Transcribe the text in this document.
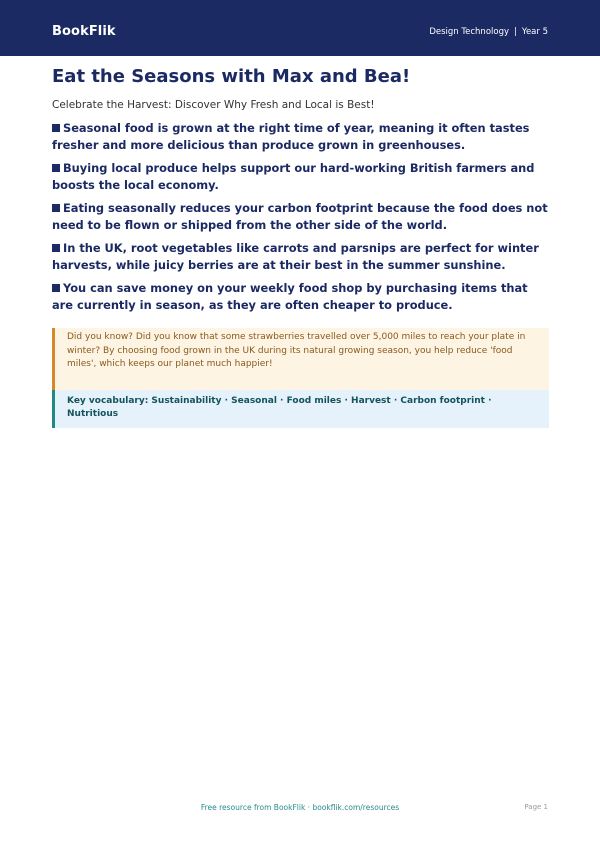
BookFlik	Design Technology | Year 5
Eat the Seasons with Max and Bea!
Celebrate the Harvest: Discover Why Fresh and Local is Best!
Seasonal food is grown at the right time of year, meaning it often tastes fresher and more delicious than produce grown in greenhouses.
Buying local produce helps support our hard-working British farmers and boosts the local economy.
Eating seasonally reduces your carbon footprint because the food does not need to be flown or shipped from the other side of the world.
In the UK, root vegetables like carrots and parsnips are perfect for winter harvests, while juicy berries are at their best in the summer sunshine.
You can save money on your weekly food shop by purchasing items that are currently in season, as they are often cheaper to produce.

Did you know? Did you know that some strawberries travelled over 5,000 miles to reach your plate in winter? By choosing food grown in the UK during its natural growing season, you help reduce 'food miles', which keeps our planet much happier!

Key vocabulary: Sustainability · Seasonal · Food miles · Harvest · Carbon footprint · Nutritious

Free resource from BookFlik · bookflik.com/resources	Page 1
